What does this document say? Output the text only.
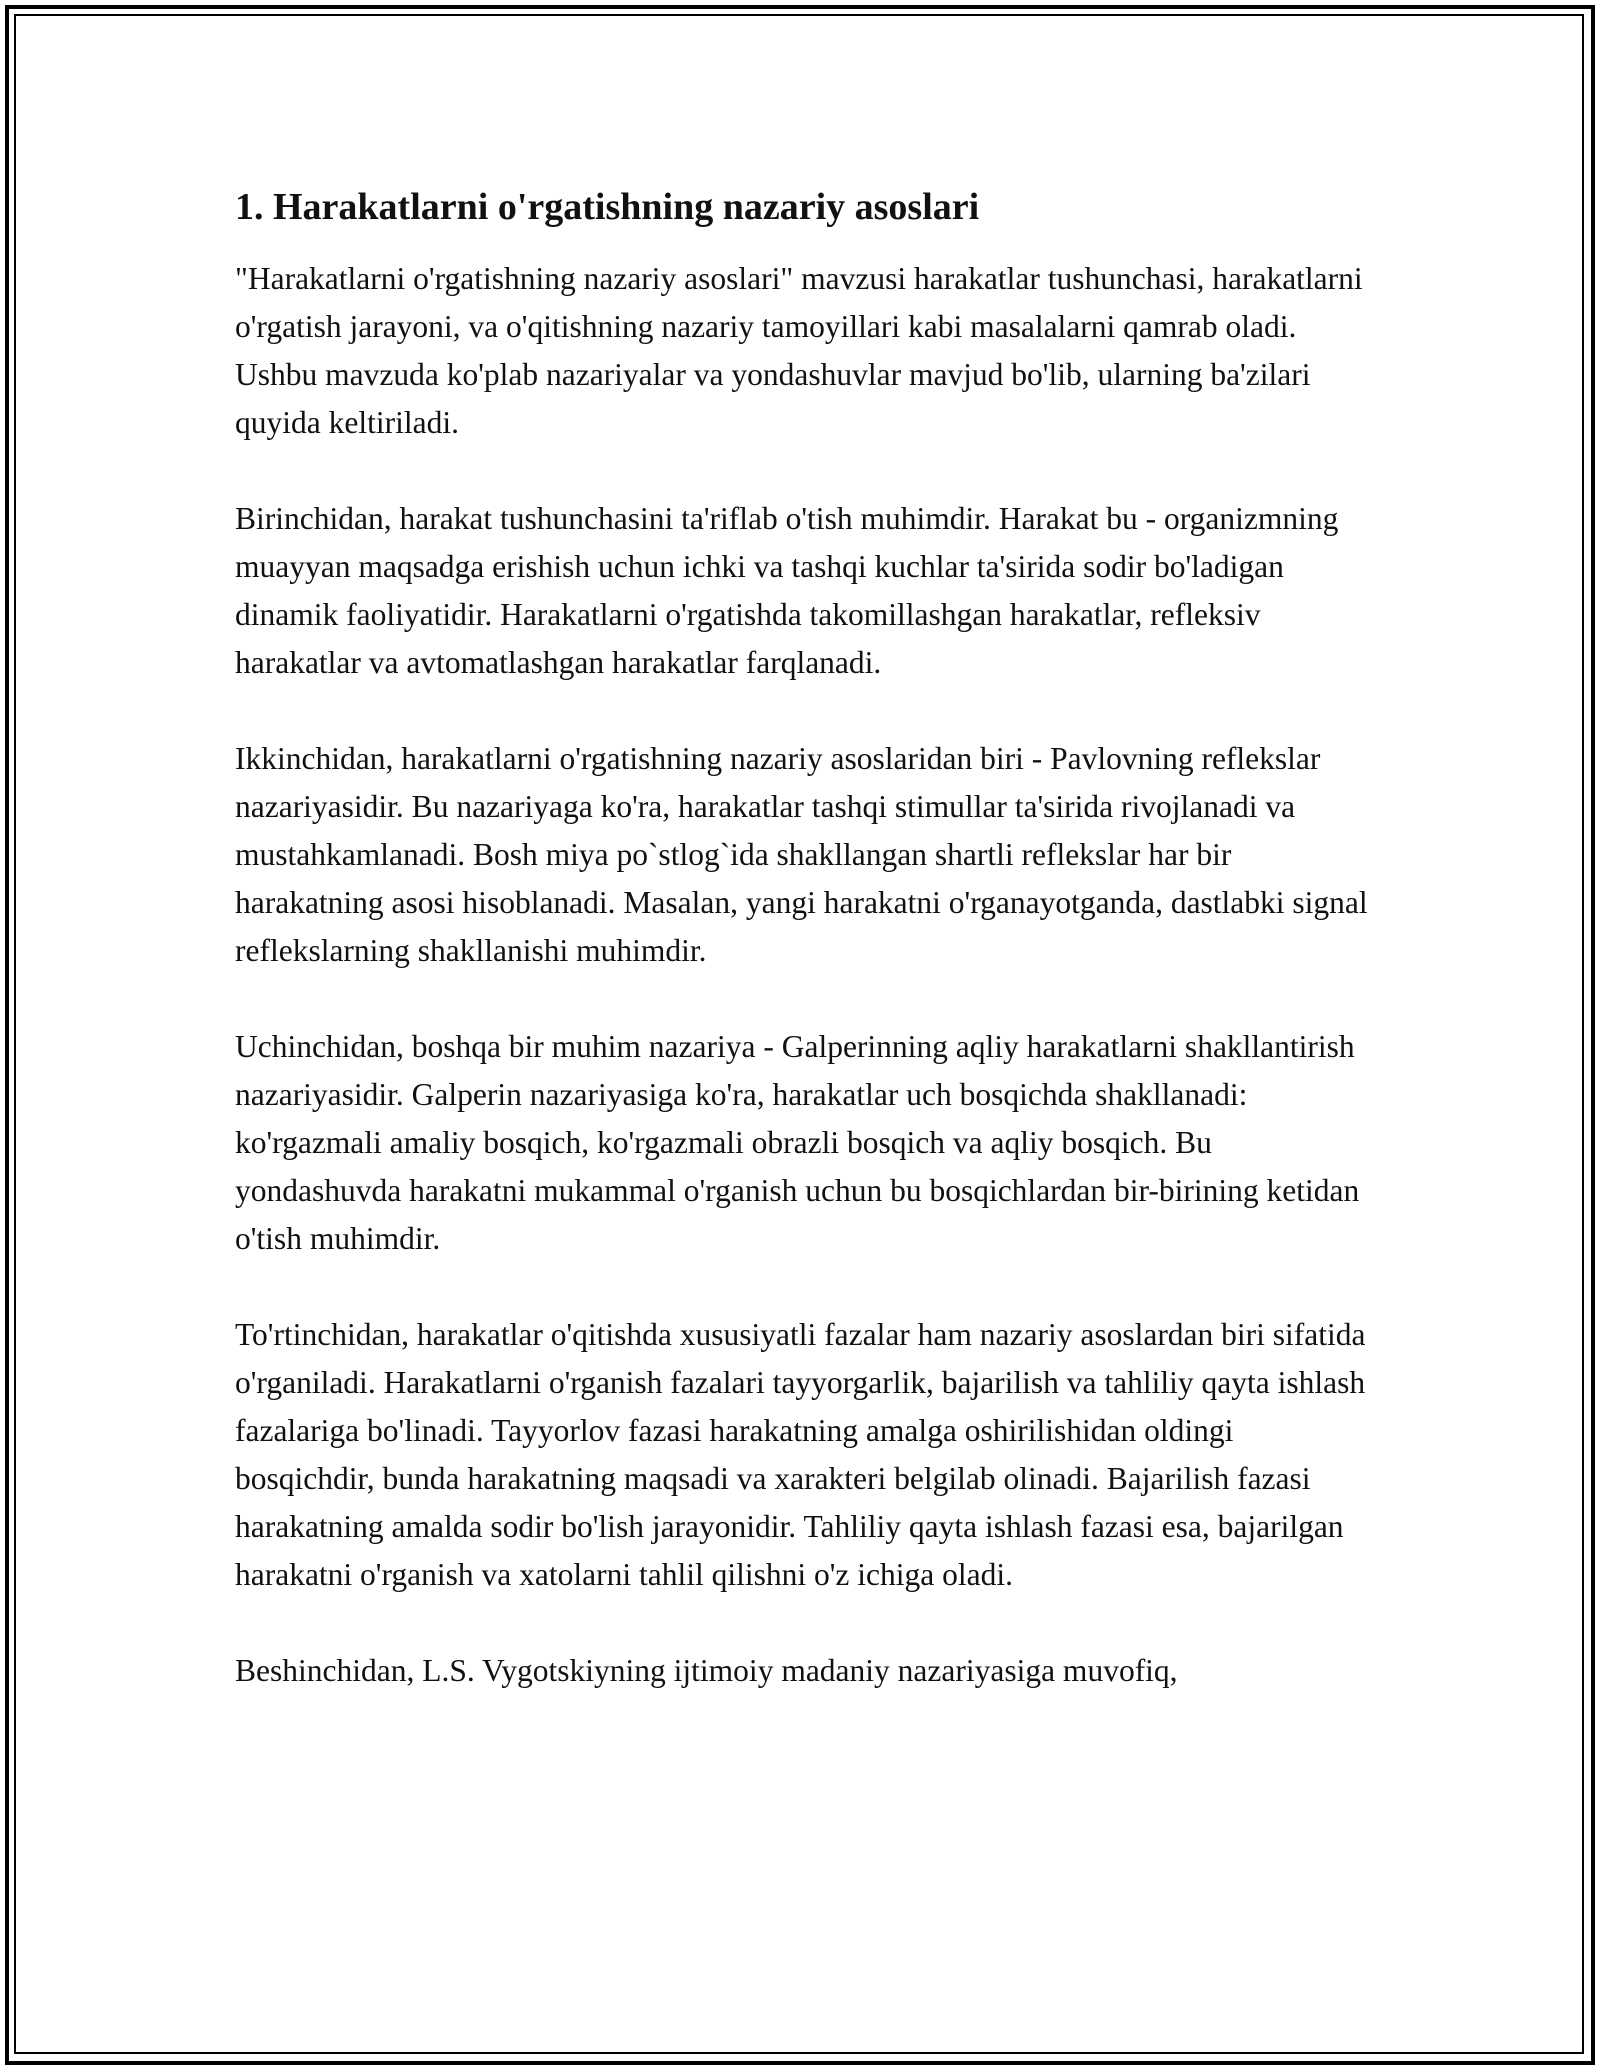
1. Harakatlarni o'rgatishning nazariy asoslari

"Harakatlarni o'rgatishning nazariy asoslari" mavzusi harakatlar tushunchasi, harakatlarni o'rgatish jarayoni, va o'qitishning nazariy tamoyillari kabi masalalarni qamrab oladi. Ushbu mavzuda ko'plab nazariyalar va yondashuvlar mavjud bo'lib, ularning ba'zilari quyida keltiriladi.

Birinchidan, harakat tushunchasini ta'riflab o'tish muhimdir. Harakat bu - organizmning muayyan maqsadga erishish uchun ichki va tashqi kuchlar ta'sirida sodir bo'ladigan dinamik faoliyatidir. Harakatlarni o'rgatishda takomillashgan harakatlar, refleksiv harakatlar va avtomatlashgan harakatlar farqlanadi.

Ikkinchidan, harakatlarni o'rgatishning nazariy asoslaridan biri - Pavlovning reflekslar nazariyasidir. Bu nazariyaga ko'ra, harakatlar tashqi stimullar ta'sirida rivojlanadi va mustahkamlanadi. Bosh miya po`stlog`ida shakllangan shartli reflekslar har bir harakatning asosi hisoblanadi. Masalan, yangi harakatni o'rganayotganda, dastlabki signal reflekslarning shakllanishi muhimdir.

Uchinchidan, boshqa bir muhim nazariya - Galperinning aqliy harakatlarni shakllantirish nazariyasidir. Galperin nazariyasiga ko'ra, harakatlar uch bosqichda shakllanadi: ko'rgazmali amaliy bosqich, ko'rgazmali obrazli bosqich va aqliy bosqich. Bu yondashuvda harakatni mukammal o'rganish uchun bu bosqichlardan bir-birining ketidan o'tish muhimdir.

To'rtinchidan, harakatlar o'qitishda xususiyatli fazalar ham nazariy asoslardan biri sifatida o'rganiladi. Harakatlarni o'rganish fazalari tayyorgarlik, bajarilish va tahliliy qayta ishlash fazalariga bo'linadi. Tayyorlov fazasi harakatning amalga oshirilishidan oldingi bosqichdir, bunda harakatning maqsadi va xarakteri belgilab olinadi. Bajarilish fazasi harakatning amalda sodir bo'lish jarayonidir. Tahliliy qayta ishlash fazasi esa, bajarilgan harakatni o'rganish va xatolarni tahlil qilishni o'z ichiga oladi.

Beshinchidan, L.S. Vygotskiyning ijtimoiy madaniy nazariyasiga muvofiq,
